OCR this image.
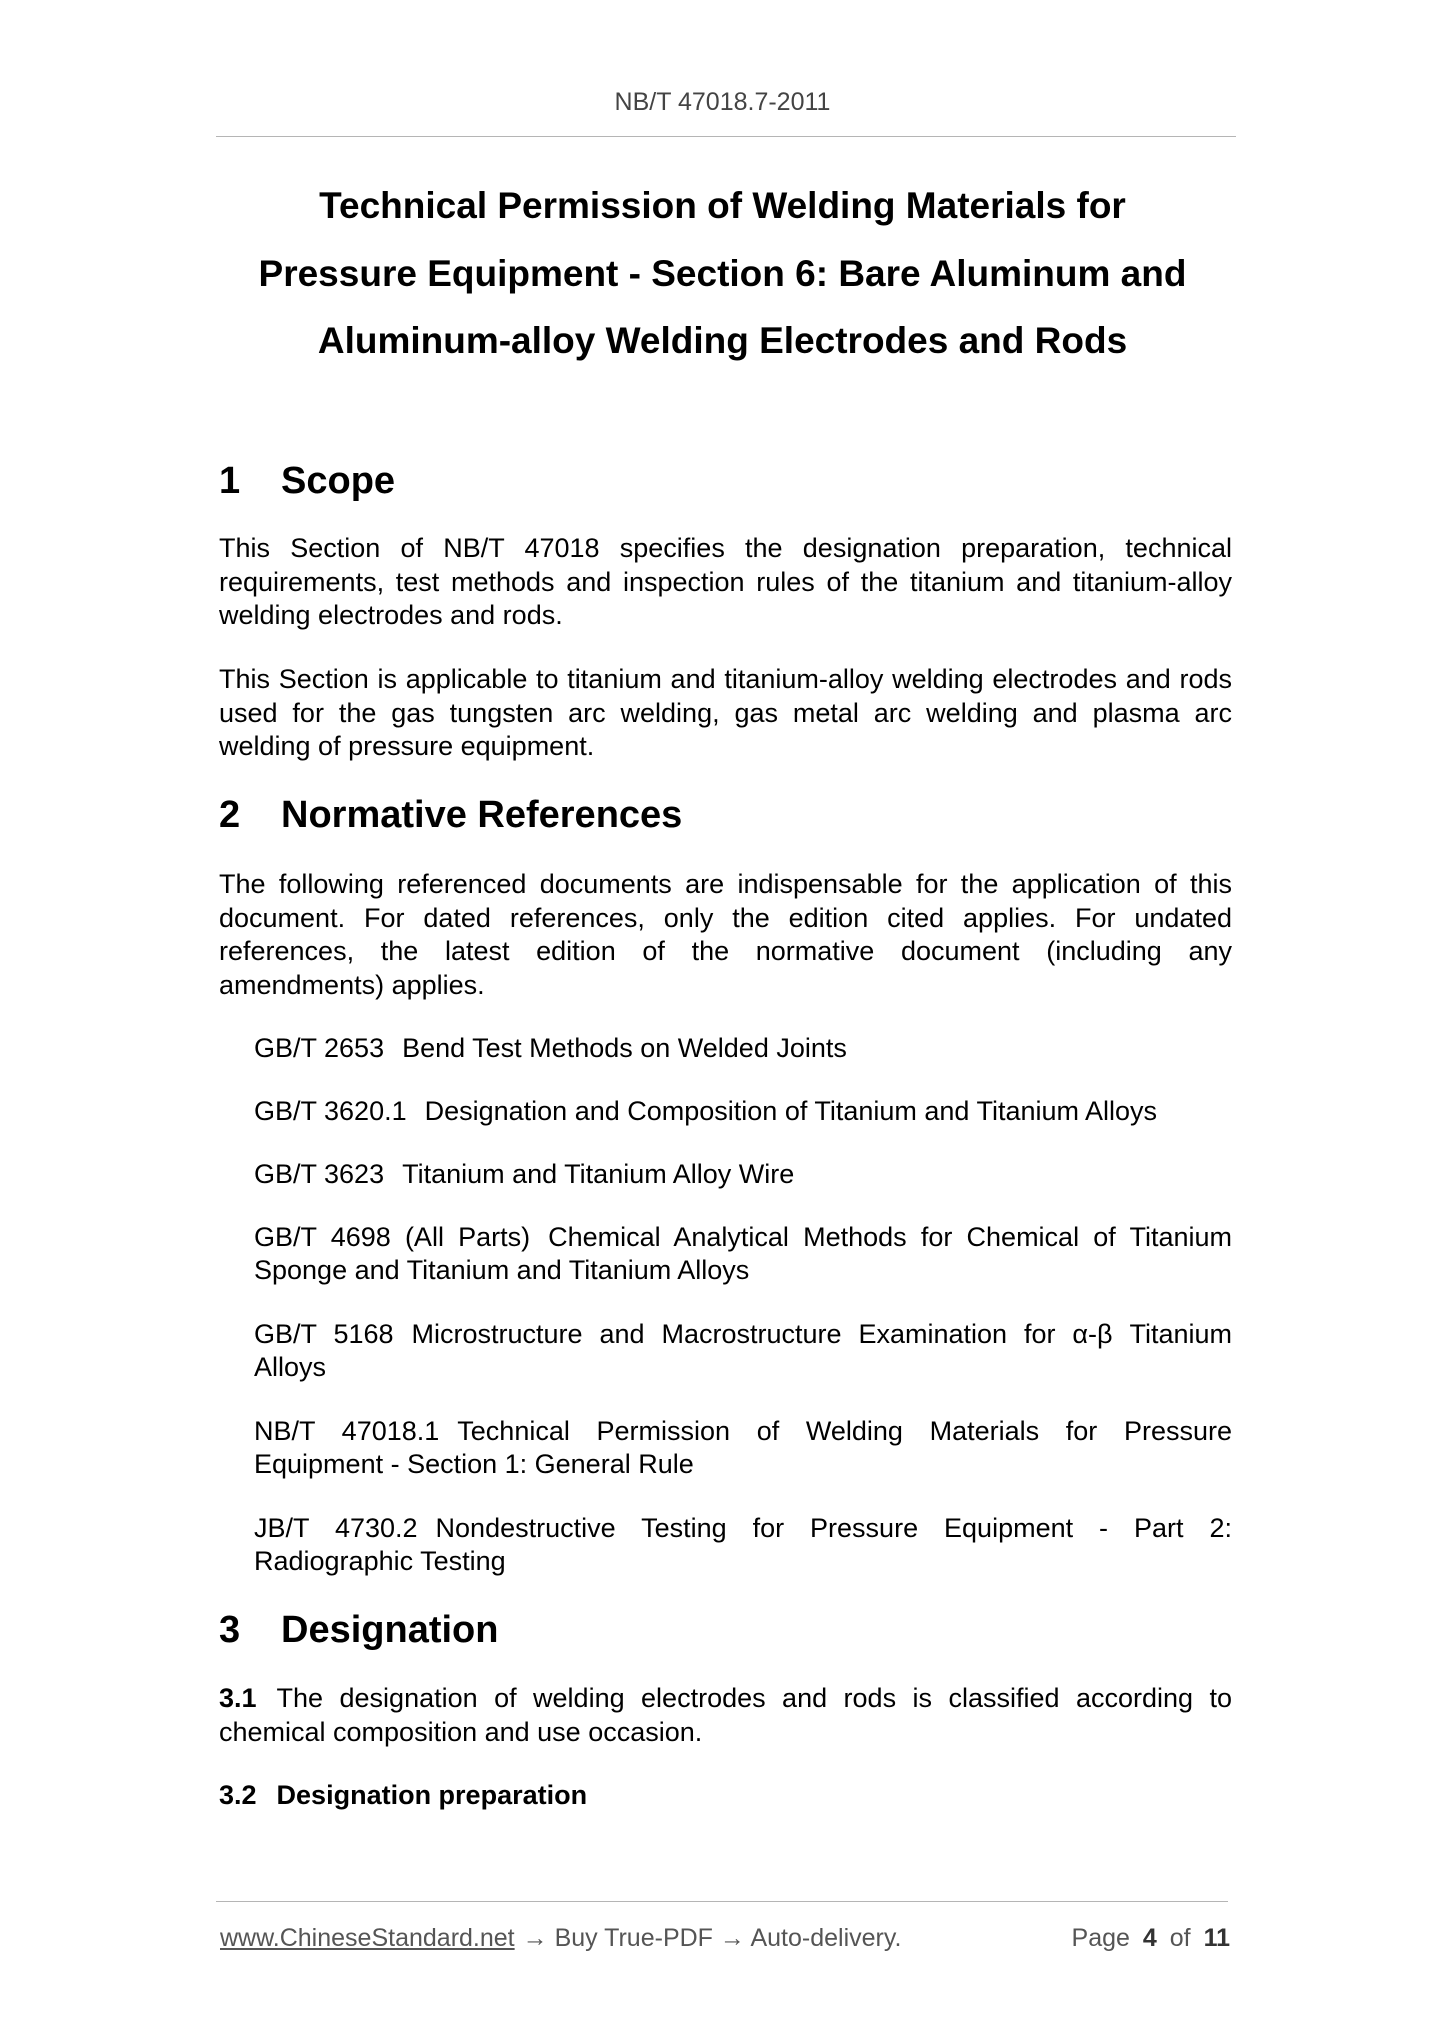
NB/T 47018.7-2011
Technical Permission of Welding Materials for
Pressure Equipment - Section 6: Bare Aluminum and
Aluminum-alloy Welding Electrodes and Rods
1	Scope
This Section of NB/T 47018 specifies the designation preparation, technical requirements, test methods and inspection rules of the titanium and titanium-alloy welding electrodes and rods.
This Section is applicable to titanium and titanium-alloy welding electrodes and rods used for the gas tungsten arc welding, gas metal arc welding and plasma arc welding of pressure equipment.
2	Normative References
The following referenced documents are indispensable for the application of this document. For dated references, only the edition cited applies. For undated references, the latest edition of the normative document (including any amendments) applies.
GB/T 2653 Bend Test Methods on Welded Joints
GB/T 3620.1 Designation and Composition of Titanium and Titanium Alloys
GB/T 3623 Titanium and Titanium Alloy Wire
GB/T 4698 (All Parts) Chemical Analytical Methods for Chemical of Titanium Sponge and Titanium and Titanium Alloys
GB/T 5168 Microstructure and Macrostructure Examination for α-β Titanium Alloys
NB/T 47018.1 Technical Permission of Welding Materials for Pressure Equipment - Section 1: General Rule
JB/T 4730.2 Nondestructive Testing for Pressure Equipment - Part 2: Radiographic Testing
3	Designation
3.1 The designation of welding electrodes and rods is classified according to chemical composition and use occasion.
3.2 Designation preparation
www.ChineseStandard.net → Buy True-PDF → Auto-delivery.	Page 4 of 11
